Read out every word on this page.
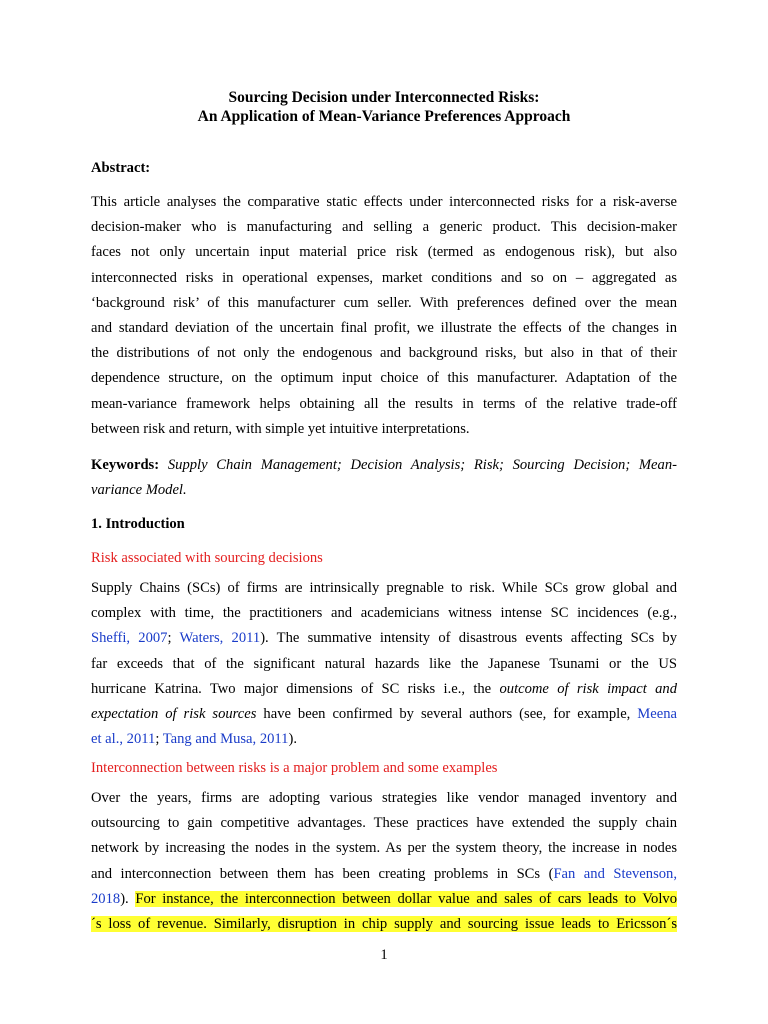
Sourcing Decision under Interconnected Risks:
An Application of Mean-Variance Preferences Approach
Abstract:
This article analyses the comparative static effects under interconnected risks for a risk-averse
decision-maker who is manufacturing and selling a generic product. This decision-maker
faces not only uncertain input material price risk (termed as endogenous risk), but also
interconnected risks in operational expenses, market conditions and so on – aggregated as
‘background risk’ of this manufacturer cum seller. With preferences defined over the mean
and standard deviation of the uncertain final profit, we illustrate the effects of the changes in
the distributions of not only the endogenous and background risks, but also in that of their
dependence structure, on the optimum input choice of this manufacturer. Adaptation of the
mean-variance framework helps obtaining all the results in terms of the relative trade-off
between risk and return, with simple yet intuitive interpretations.
Keywords: Supply Chain Management; Decision Analysis; Risk; Sourcing Decision; Mean-
variance Model.
1. Introduction
Risk associated with sourcing decisions
Supply Chains (SCs) of firms are intrinsically pregnable to risk. While SCs grow global and
complex with time, the practitioners and academicians witness intense SC incidences (e.g.,
Sheffi, 2007; Waters, 2011). The summative intensity of disastrous events affecting SCs by
far exceeds that of the significant natural hazards like the Japanese Tsunami or the US
hurricane Katrina. Two major dimensions of SC risks i.e., the outcome of risk impact and
expectation of risk sources have been confirmed by several authors (see, for example, Meena
et al., 2011; Tang and Musa, 2011).
Interconnection between risks is a major problem and some examples
Over the years, firms are adopting various strategies like vendor managed inventory and
outsourcing to gain competitive advantages. These practices have extended the supply chain
network by increasing the nodes in the system. As per the system theory, the increase in nodes
and interconnection between them has been creating problems in SCs (Fan and Stevenson,
2018). For instance, the interconnection between dollar value and sales of cars leads to Volvo
´s loss of revenue. Similarly, disruption in chip supply and sourcing issue leads to Ericsson´s
1
